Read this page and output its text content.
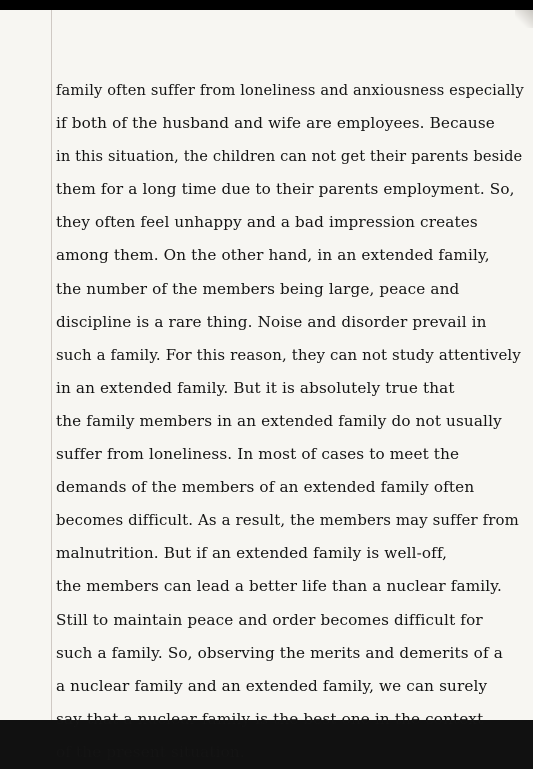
family often suffer from loneliness and anxiousness especially
if both of the husband and wife are employees. Because
in this situation, the children can not get their parents beside
them for a long time due to their parents employment. So,
they often feel unhappy and a bad impression creates
among them. On the other hand, in an extended family,
the number of the members being large, peace and
discipline is a rare thing. Noise and disorder prevail in
such a family. For this reason, they can not study attentively
in an extended family. But it is absolutely true that
the family members in an extended family do not usually
suffer from loneliness. In most of cases to meet the
demands of the members of an extended family often
becomes difficult. As a result, the members may suffer from
malnutrition. But if an extended family is well-off,
the members can lead a better life than a nuclear family.
Still to maintain peace and order becomes difficult for
such a family. So, observing the merits and demerits of a
a nuclear family and an extended family, we can surely
say that a nuclear family is the best one in the context
of the present situation.
